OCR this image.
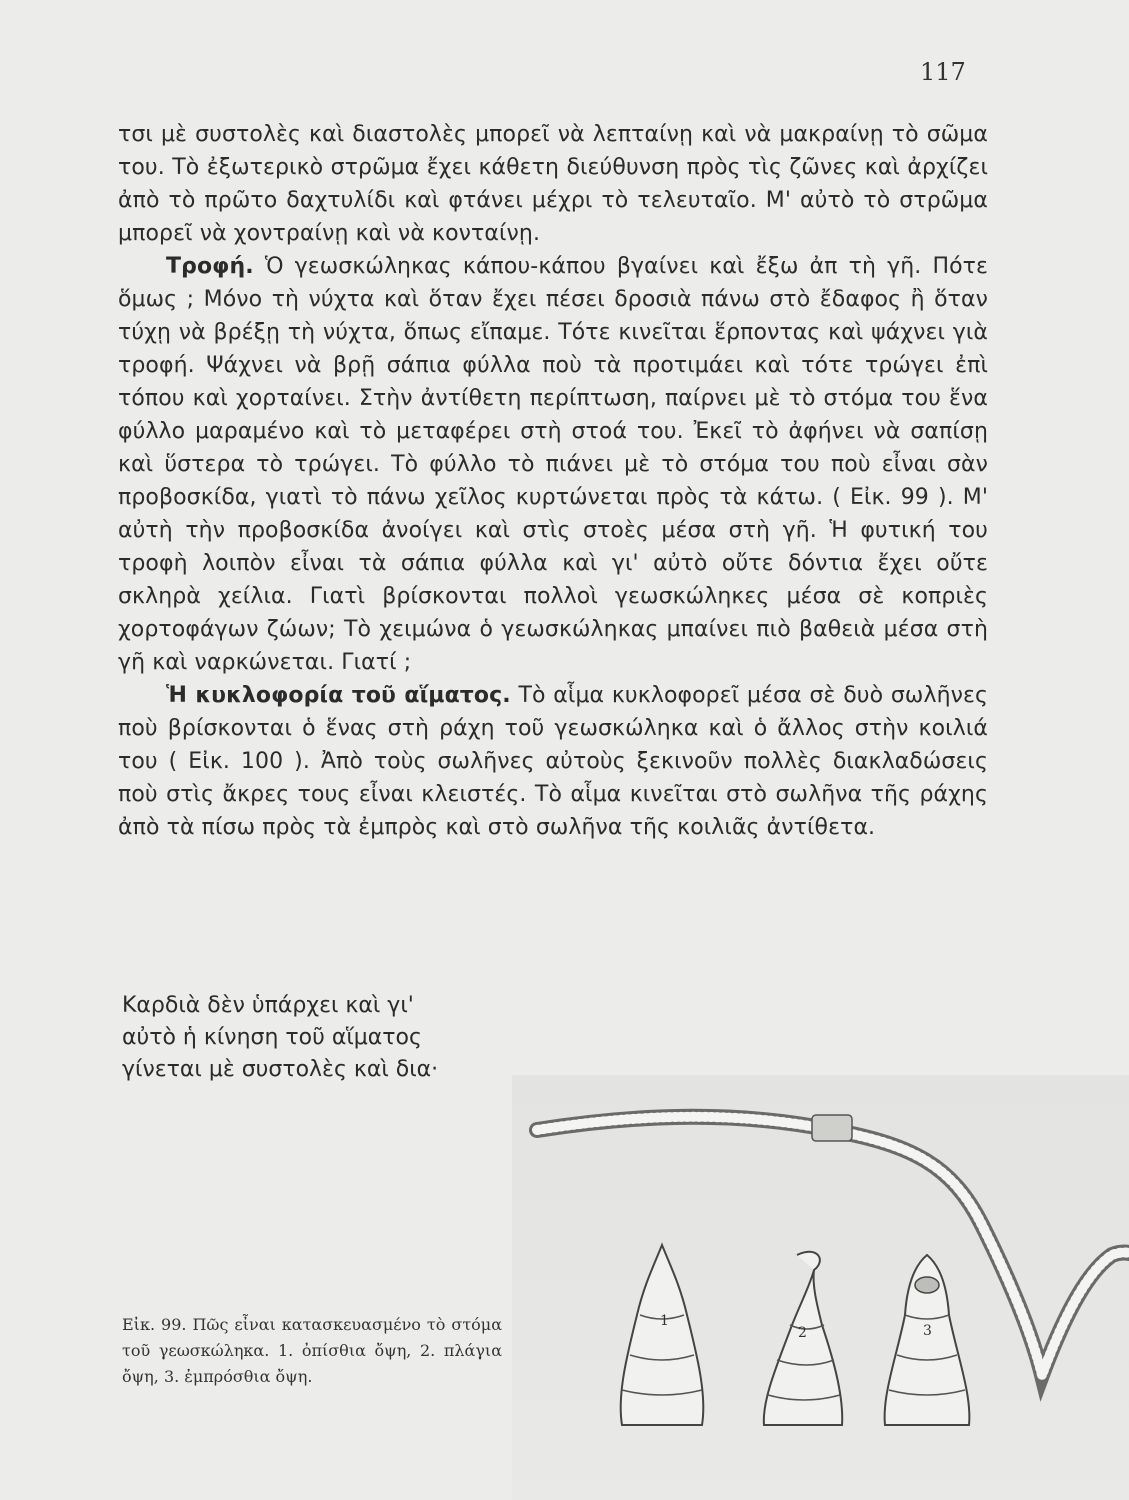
117

τσι μὲ συστολὲς καὶ διαστολὲς μπορεῖ νὰ λεπταίνῃ καὶ νὰ μακραίνῃ τὸ σῶμα του. Τὸ ἐξωτερικὸ στρῶμα ἔχει κάθετη διεύθυνση πρὸς τὶς ζῶνες καὶ ἀρχίζει ἀπὸ τὸ πρῶτο δαχτυλίδι καὶ φτάνει μέχρι τὸ τελευταῖο. Μ' αὐτὸ τὸ στρῶμα μπορεῖ νὰ χοντραίνῃ καὶ νὰ κονταίνῃ.

Τροφή. Ὁ γεωσκώληκας κάπου-κάπου βγαίνει καὶ ἔξω ἀπ τὴ γῆ. Πότε ὅμως ; Μόνο τὴ νύχτα καὶ ὅταν ἔχει πέσει δροσιὰ πάνω στὸ ἔδαφος ἢ ὅταν τύχῃ νὰ βρέξῃ τὴ νύχτα, ὅπως εἴπαμε. Τότε κινεῖται ἕρποντας καὶ ψάχνει γιὰ τροφή. Ψάχνει νὰ βρῇ σάπια φύλλα ποὺ τὰ προτιμάει καὶ τότε τρώγει ἐπὶ τόπου καὶ χορταίνει. Στὴν ἀντίθετη περίπτωση, παίρνει μὲ τὸ στόμα του ἕνα φύλλο μαραμένο καὶ τὸ μεταφέρει στὴ στοά του. Ἐκεῖ τὸ ἀφήνει νὰ σαπίσῃ καὶ ὕστερα τὸ τρώγει. Τὸ φύλλο τὸ πιάνει μὲ τὸ στόμα του ποὺ εἶναι σὰν προβοσκίδα, γιατὶ τὸ πάνω χεῖλος κυρτώνεται πρὸς τὰ κάτω. ( Εἰκ. 99 ). Μ' αὐτὴ τὴν προβοσκίδα ἀνοίγει καὶ στὶς στοὲς μέσα στὴ γῆ. Ἡ φυτική του τροφὴ λοιπὸν εἶναι τὰ σάπια φύλλα καὶ γι' αὐτὸ οὔτε δόντια ἔχει οὔτε σκληρὰ χείλια. Γιατὶ βρίσκονται πολλοὶ γεωσκώληκες μέσα σὲ κοπριὲς χορτοφάγων ζώων; Τὸ χειμώνα ὁ γεωσκώληκας μπαίνει πιὸ βαθειὰ μέσα στὴ γῆ καὶ ναρκώνεται. Γιατί ;

Ἡ κυκλοφορία τοῦ αἵματος. Τὸ αἷμα κυκλοφορεῖ μέσα σὲ δυὸ σωλῆνες ποὺ βρίσκονται ὁ ἕνας στὴ ράχη τοῦ γεωσκώληκα καὶ ὁ ἄλλος στὴν κοιλιά του ( Εἰκ. 100 ). Ἀπὸ τοὺς σωλῆνες αὐτοὺς ξεκινοῦν πολλὲς διακλαδώσεις ποὺ στὶς ἄκρες τους εἶναι κλειστές. Τὸ αἷμα κινεῖται στὸ σωλῆνα τῆς ράχης ἀπὸ τὰ πίσω πρὸς τὰ ἐμπρὸς καὶ στὸ σωλῆνα τῆς κοιλιᾶς ἀντίθετα.

Καρδιὰ δὲν ὑπάρχει καὶ γι'

αὐτὸ ἡ κίνηση τοῦ αἵματος

γίνεται μὲ συστολὲς καὶ δια·

Εἰκ. 99. Πῶς εἶναι κατασκευασμένο τὸ στόμα τοῦ γεωσκώληκα. 1. ὀπίσθια ὄψη, 2. πλάγια ὄψη, 3. ἐμπρόσθια ὄψη.
1
2	3
